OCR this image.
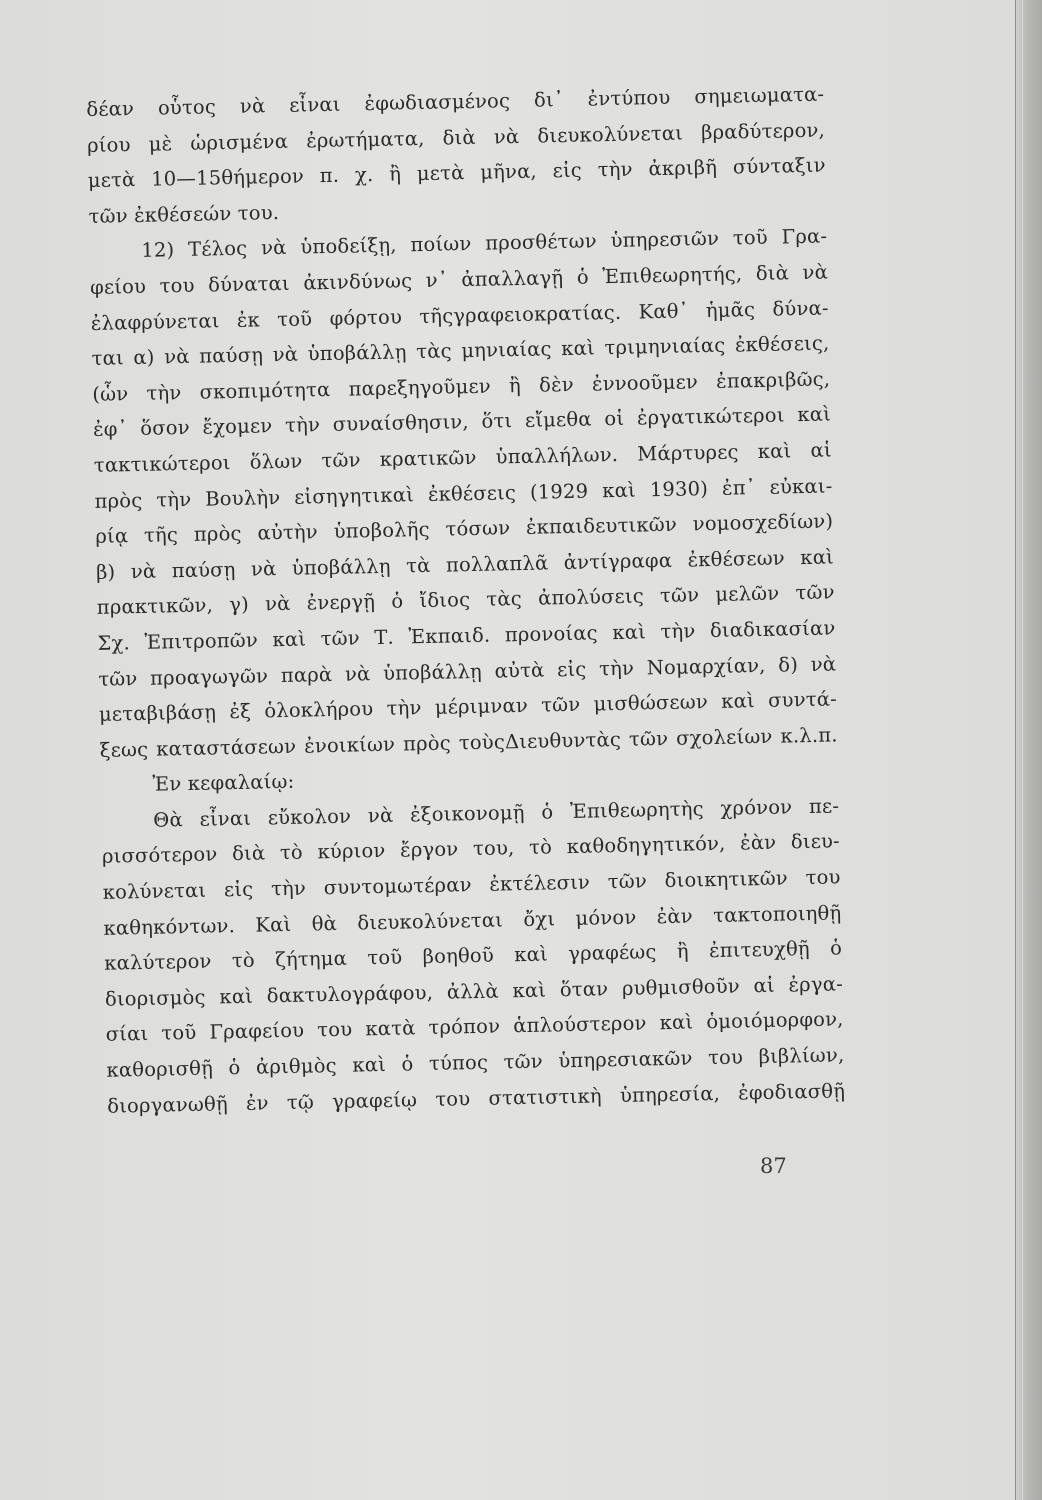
δέαν οὗτος νὰ εἶναι ἐφωδιασμένος δι᾿ ἐντύπου σημειωματα-
ρίου μὲ ὡρισμένα ἐρωτήματα, διὰ νὰ διευκολύνεται βραδύτερον,
μετὰ 10—15θήμερον π. χ. ἢ μετὰ μῆνα, εἰς τὴν ἀκριβῆ σύνταξιν
τῶν ἐκθέσεών του.
12) Τέλος νὰ ὑποδείξῃ, ποίων προσθέτων ὑπηρεσιῶν τοῦ Γρα-
φείου του δύναται ἀκινδύνως ν᾿ ἀπαλλαγῇ ὁ Ἐπιθεωρητής, διὰ νὰ
ἐλαφρύνεται ἐκ τοῦ φόρτου τῆςγραφειοκρατίας. Καθ᾿ ἡμᾶς δύνα-
ται α) νὰ παύσῃ νὰ ὑποβάλλῃ τὰς μηνιαίας καὶ τριμηνιαίας ἐκθέσεις,
(ὧν τὴν σκοπιμότητα παρεξηγοῦμεν ἢ δὲν ἐννοοῦμεν ἐπακριβῶς,
ἐφ᾿ ὅσον ἔχομεν τὴν συναίσθησιν, ὅτι εἴμεθα οἱ ἐργατικώτεροι καὶ
τακτικώτεροι ὅλων τῶν κρατικῶν ὑπαλλήλων. Μάρτυρες καὶ αἱ
πρὸς τὴν Βουλὴν εἰσηγητικαὶ ἐκθέσεις (1929 καὶ 1930) ἐπ᾿ εὐκαι-
ρίᾳ τῆς πρὸς αὐτὴν ὑποβολῆς τόσων ἐκπαιδευτικῶν νομοσχεδίων)
β) νὰ παύσῃ νὰ ὑποβάλλῃ τὰ πολλαπλᾶ ἀντίγραφα ἐκθέσεων καὶ
πρακτικῶν, γ) νὰ ἐνεργῇ ὁ ἴδιος τὰς ἀπολύσεις τῶν μελῶν τῶν
Σχ. Ἐπιτροπῶν καὶ τῶν Τ. Ἐκπαιδ. προνοίας καὶ τὴν διαδικασίαν
τῶν προαγωγῶν παρὰ νὰ ὑποβάλλῃ αὐτὰ εἰς τὴν Νομαρχίαν, δ) νὰ
μεταβιβάσῃ ἐξ ὁλοκλήρου τὴν μέριμναν τῶν μισθώσεων καὶ συντά-
ξεως καταστάσεων ἐνοικίων πρὸς τοὺςΔιευθυντὰς τῶν σχολείων κ.λ.π.
Ἐν κεφαλαίῳ:
Θὰ εἶναι εὔκολον νὰ ἐξοικονομῇ ὁ Ἐπιθεωρητὴς χρόνον πε-
ρισσότερον διὰ τὸ κύριον ἔργον του, τὸ καθοδηγητικόν, ἐὰν διευ-
κολύνεται εἰς τὴν συντομωτέραν ἐκτέλεσιν τῶν διοικητικῶν του
καθηκόντων. Καὶ θὰ διευκολύνεται ὄχι μόνον ἐὰν τακτοποιηθῇ
καλύτερον τὸ ζήτημα τοῦ βοηθοῦ καὶ γραφέως ἢ ἐπιτευχθῇ ὁ
διορισμὸς καὶ δακτυλογράφου, ἀλλὰ καὶ ὅταν ρυθμισθοῦν αἱ ἐργα-
σίαι τοῦ Γραφείου του κατὰ τρόπον ἁπλούστερον καὶ ὁμοιόμορφον,
καθορισθῇ ὁ ἀριθμὸς καὶ ὁ τύπος τῶν ὑπηρεσιακῶν του βιβλίων,
διοργανωθῇ ἐν τῷ γραφείῳ του στατιστικὴ ὑπηρεσία, ἐφοδιασθῇ
87
